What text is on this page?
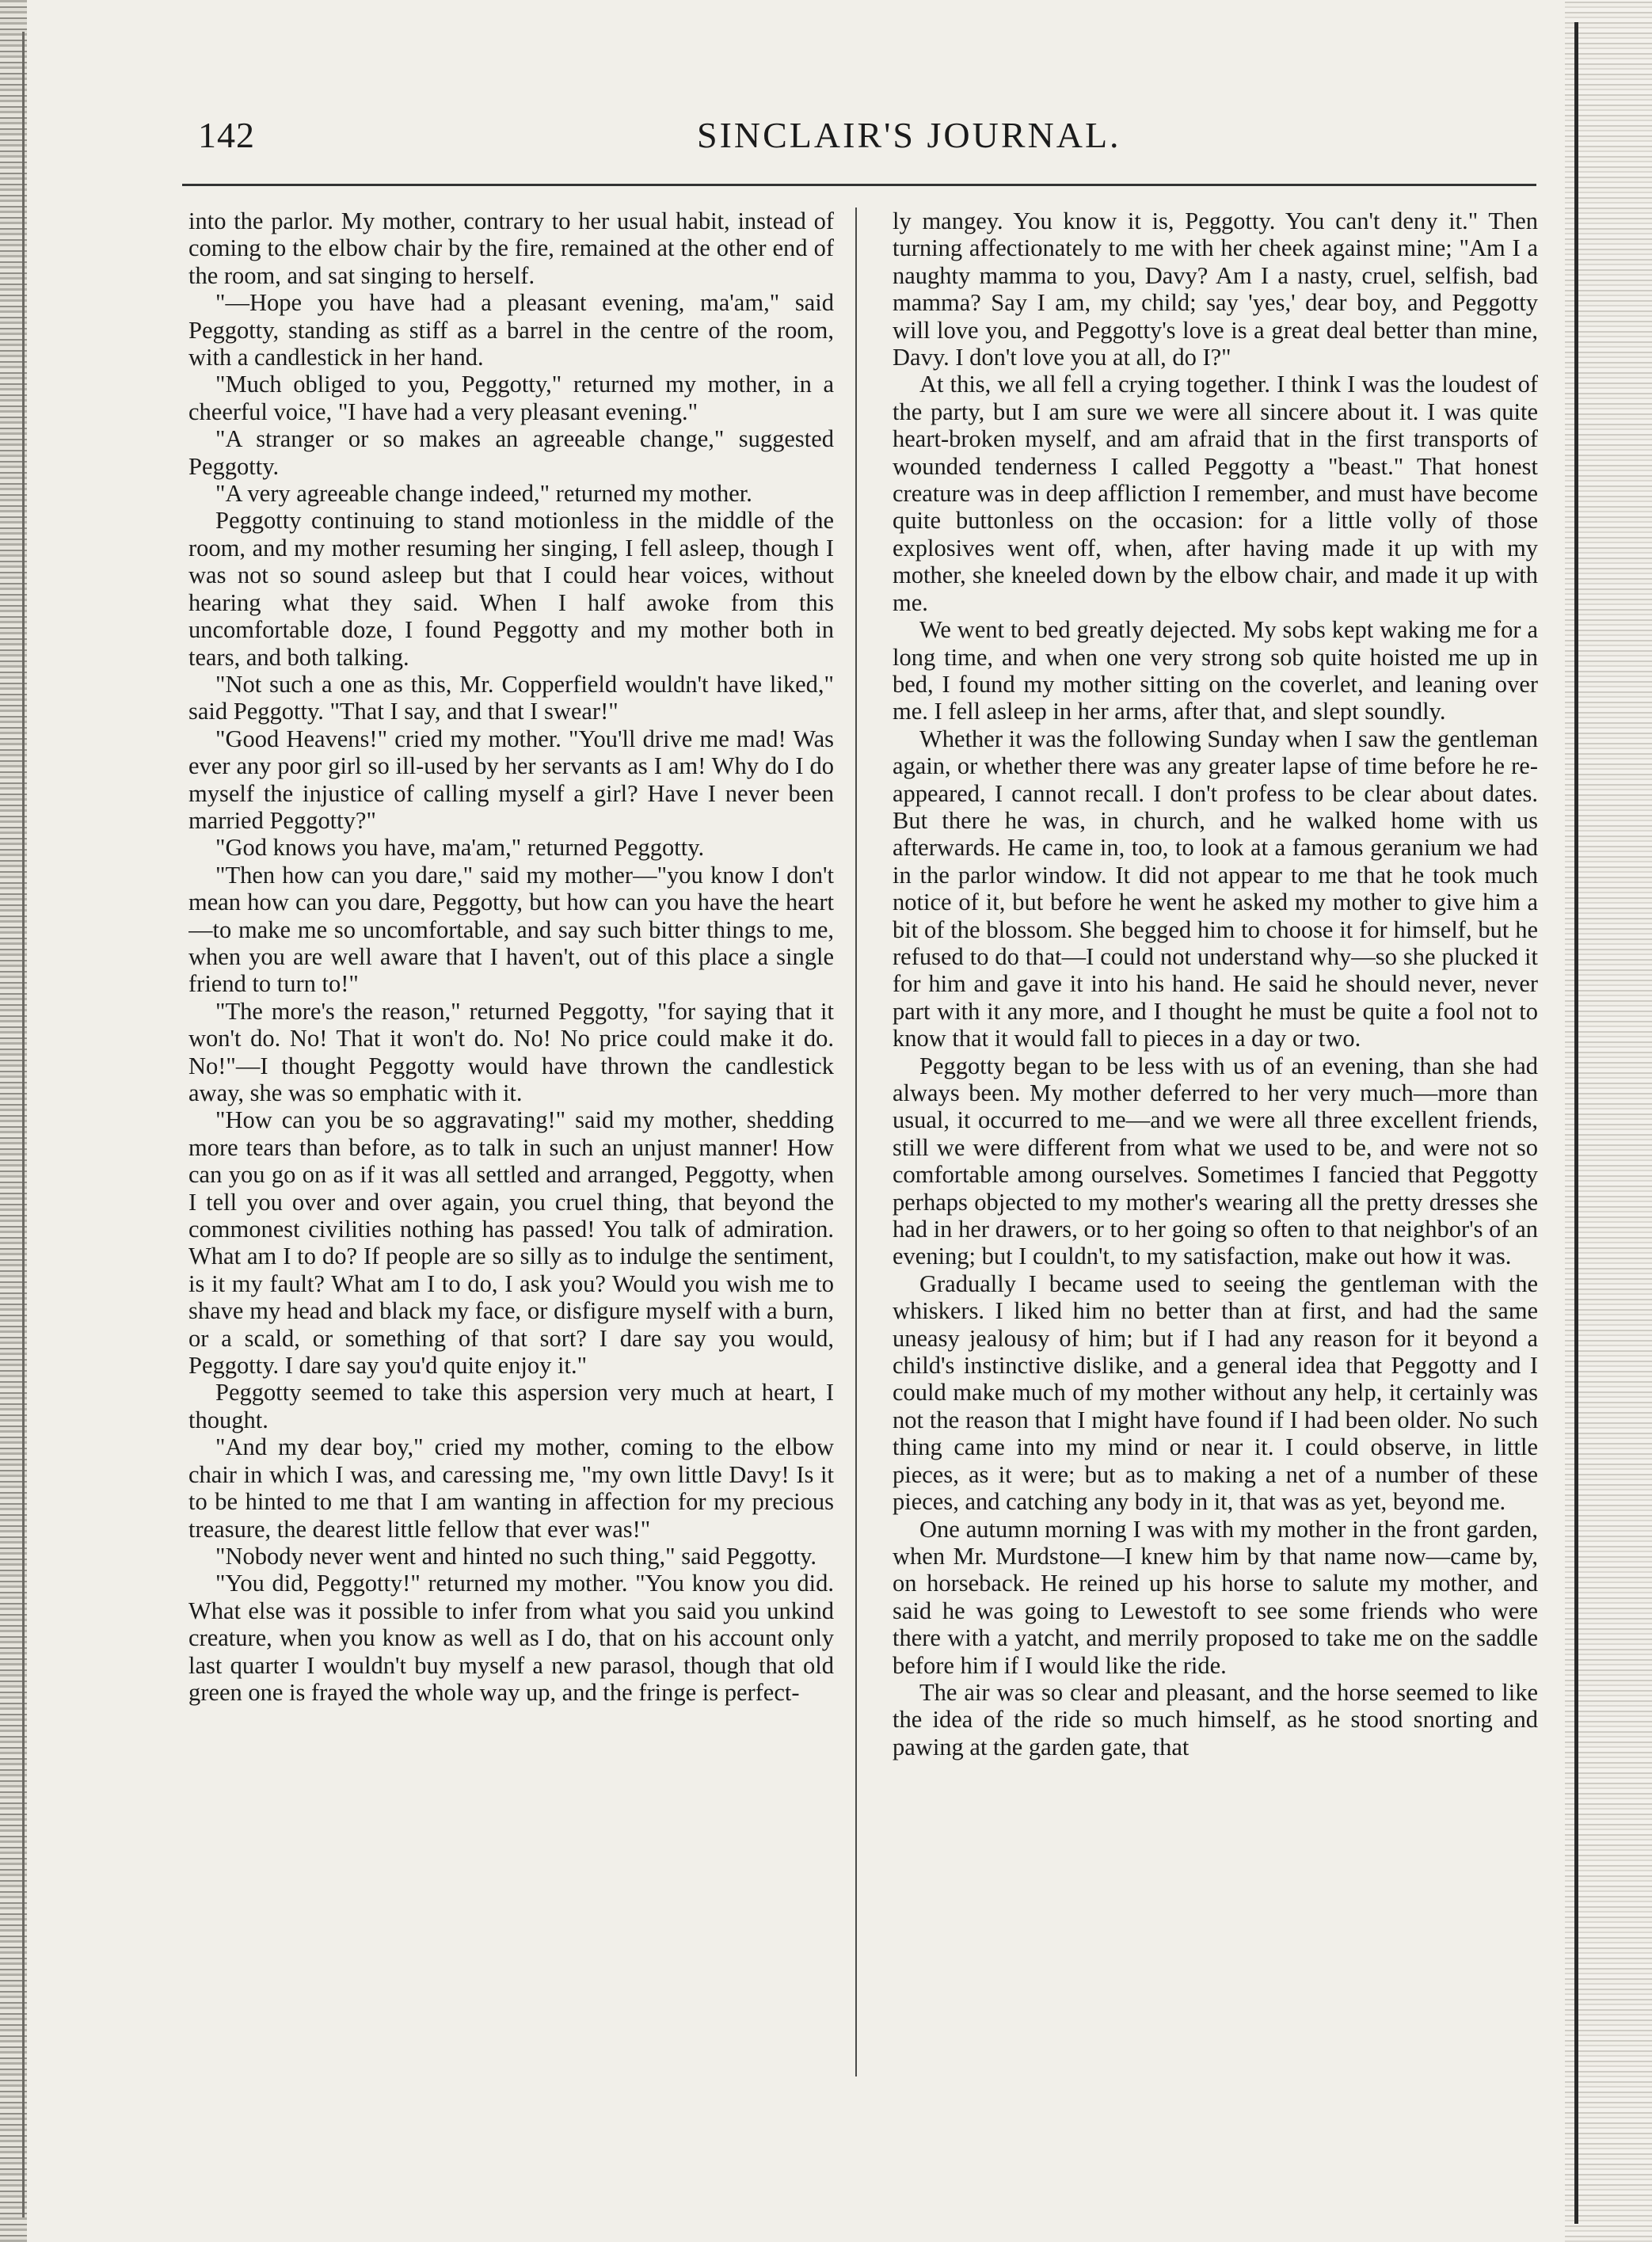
142	SINCLAIR'S JOURNAL.

into the parlor. My mother, contrary to her usual habit, instead of coming to the elbow chair by the fire, remained at the other end of the room, and sat singing to herself.

"—Hope you have had a pleasant evening, ma'am," said Peggotty, standing as stiff as a barrel in the centre of the room, with a candlestick in her hand.

"Much obliged to you, Peggotty," returned my mother, in a cheerful voice, "I have had a very pleasant evening."

"A stranger or so makes an agreeable change," suggested Peggotty.

"A very agreeable change indeed," returned my mother.

Peggotty continuing to stand motionless in the middle of the room, and my mother resuming her singing, I fell asleep, though I was not so sound asleep but that I could hear voices, without hearing what they said. When I half awoke from this uncomfortable doze, I found Peggotty and my mother both in tears, and both talking.

"Not such a one as this, Mr. Copperfield wouldn't have liked," said Peggotty. "That I say, and that I swear!"

"Good Heavens!" cried my mother. "You'll drive me mad! Was ever any poor girl so ill-used by her servants as I am! Why do I do myself the injustice of calling myself a girl? Have I never been married Peggotty?"

"God knows you have, ma'am," returned Peggotty.

"Then how can you dare," said my mother—"you know I don't mean how can you dare, Peggotty, but how can you have the heart—to make me so uncomfortable, and say such bitter things to me, when you are well aware that I haven't, out of this place a single friend to turn to!"

"The more's the reason," returned Peggotty, "for saying that it won't do. No! That it won't do. No! No price could make it do. No!"—I thought Peggotty would have thrown the candlestick away, she was so emphatic with it.

"How can you be so aggravating!" said my mother, shedding more tears than before, as to talk in such an unjust manner! How can you go on as if it was all settled and arranged, Peggotty, when I tell you over and over again, you cruel thing, that beyond the commonest civilities nothing has passed! You talk of admiration. What am I to do? If people are so silly as to indulge the sentiment, is it my fault? What am I to do, I ask you? Would you wish me to shave my head and black my face, or disfigure myself with a burn, or a scald, or something of that sort? I dare say you would, Peggotty. I dare say you'd quite enjoy it."

Peggotty seemed to take this aspersion very much at heart, I thought.

"And my dear boy," cried my mother, coming to the elbow chair in which I was, and caressing me, "my own little Davy! Is it to be hinted to me that I am wanting in affection for my precious treasure, the dearest little fellow that ever was!"

"Nobody never went and hinted no such thing," said Peggotty.

"You did, Peggotty!" returned my mother. "You know you did. What else was it possible to infer from what you said you unkind creature, when you know as well as I do, that on his account only last quarter I wouldn't buy myself a new parasol, though that old green one is frayed the whole way up, and the fringe is perfect-

ly mangey. You know it is, Peggotty. You can't deny it." Then turning affectionately to me with her cheek against mine; "Am I a naughty mamma to you, Davy? Am I a nasty, cruel, selfish, bad mamma? Say I am, my child; say 'yes,' dear boy, and Peggotty will love you, and Peggotty's love is a great deal better than mine, Davy. I don't love you at all, do I?"

At this, we all fell a crying together. I think I was the loudest of the party, but I am sure we were all sincere about it. I was quite heart-broken myself, and am afraid that in the first transports of wounded tenderness I called Peggotty a "beast." That honest creature was in deep affliction I remember, and must have become quite buttonless on the occasion: for a little volly of those explosives went off, when, after having made it up with my mother, she kneeled down by the elbow chair, and made it up with me.

We went to bed greatly dejected. My sobs kept waking me for a long time, and when one very strong sob quite hoisted me up in bed, I found my mother sitting on the coverlet, and leaning over me. I fell asleep in her arms, after that, and slept soundly.

Whether it was the following Sunday when I saw the gentleman again, or whether there was any greater lapse of time before he re-appeared, I cannot recall. I don't profess to be clear about dates. But there he was, in church, and he walked home with us afterwards. He came in, too, to look at a famous geranium we had in the parlor window. It did not appear to me that he took much notice of it, but before he went he asked my mother to give him a bit of the blossom. She begged him to choose it for himself, but he refused to do that—I could not understand why—so she plucked it for him and gave it into his hand. He said he should never, never part with it any more, and I thought he must be quite a fool not to know that it would fall to pieces in a day or two.

Peggotty began to be less with us of an evening, than she had always been. My mother deferred to her very much—more than usual, it occurred to me—and we were all three excellent friends, still we were different from what we used to be, and were not so comfortable among ourselves. Sometimes I fancied that Peggotty perhaps objected to my mother's wearing all the pretty dresses she had in her drawers, or to her going so often to that neighbor's of an evening; but I couldn't, to my satisfaction, make out how it was.

Gradually I became used to seeing the gentleman with the whiskers. I liked him no better than at first, and had the same uneasy jealousy of him; but if I had any reason for it beyond a child's instinctive dislike, and a general idea that Peggotty and I could make much of my mother without any help, it certainly was not the reason that I might have found if I had been older. No such thing came into my mind or near it. I could observe, in little pieces, as it were; but as to making a net of a number of these pieces, and catching any body in it, that was as yet, beyond me.

One autumn morning I was with my mother in the front garden, when Mr. Murdstone—I knew him by that name now—came by, on horseback. He reined up his horse to salute my mother, and said he was going to Lewestoft to see some friends who were there with a yatcht, and merrily proposed to take me on the saddle before him if I would like the ride.

The air was so clear and pleasant, and the horse seemed to like the idea of the ride so much himself, as he stood snorting and pawing at the garden gate, that
